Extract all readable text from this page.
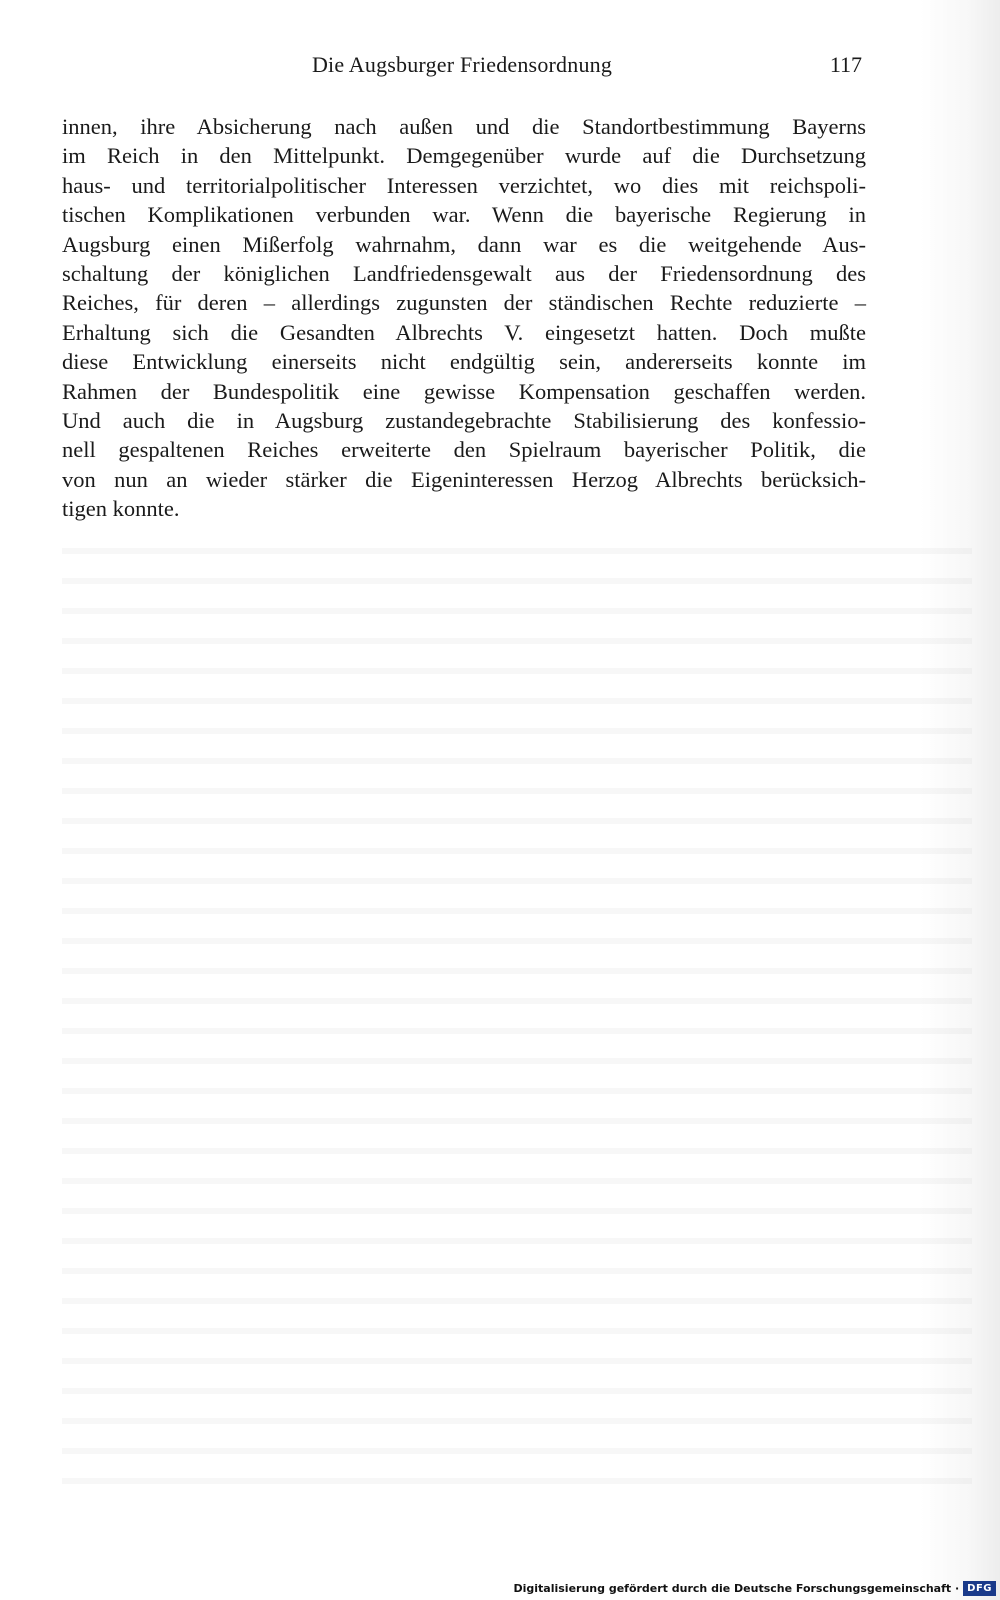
Die Augsburger Friedensordnung	117
innen, ihre Absicherung nach außen und die Standortbestimmung Bayerns
im Reich in den Mittelpunkt. Demgegenüber wurde auf die Durchsetzung
haus- und territorialpolitischer Interessen verzichtet, wo dies mit reichspoli-
tischen Komplikationen verbunden war. Wenn die bayerische Regierung in
Augsburg einen Mißerfolg wahrnahm, dann war es die weitgehende Aus-
schaltung der königlichen Landfriedensgewalt aus der Friedensordnung des
Reiches, für deren – allerdings zugunsten der ständischen Rechte reduzierte –
Erhaltung sich die Gesandten Albrechts V. eingesetzt hatten. Doch mußte
diese Entwicklung einerseits nicht endgültig sein, andererseits konnte im
Rahmen der Bundespolitik eine gewisse Kompensation geschaffen werden.
Und auch die in Augsburg zustandegebrachte Stabilisierung des konfessio-
nell gespaltenen Reiches erweiterte den Spielraum bayerischer Politik, die
von nun an wieder stärker die Eigeninteressen Herzog Albrechts berücksich-
tigen konnte.
Digitalisierung gefördert durch die Deutsche Forschungsgemeinschaft · DFG
